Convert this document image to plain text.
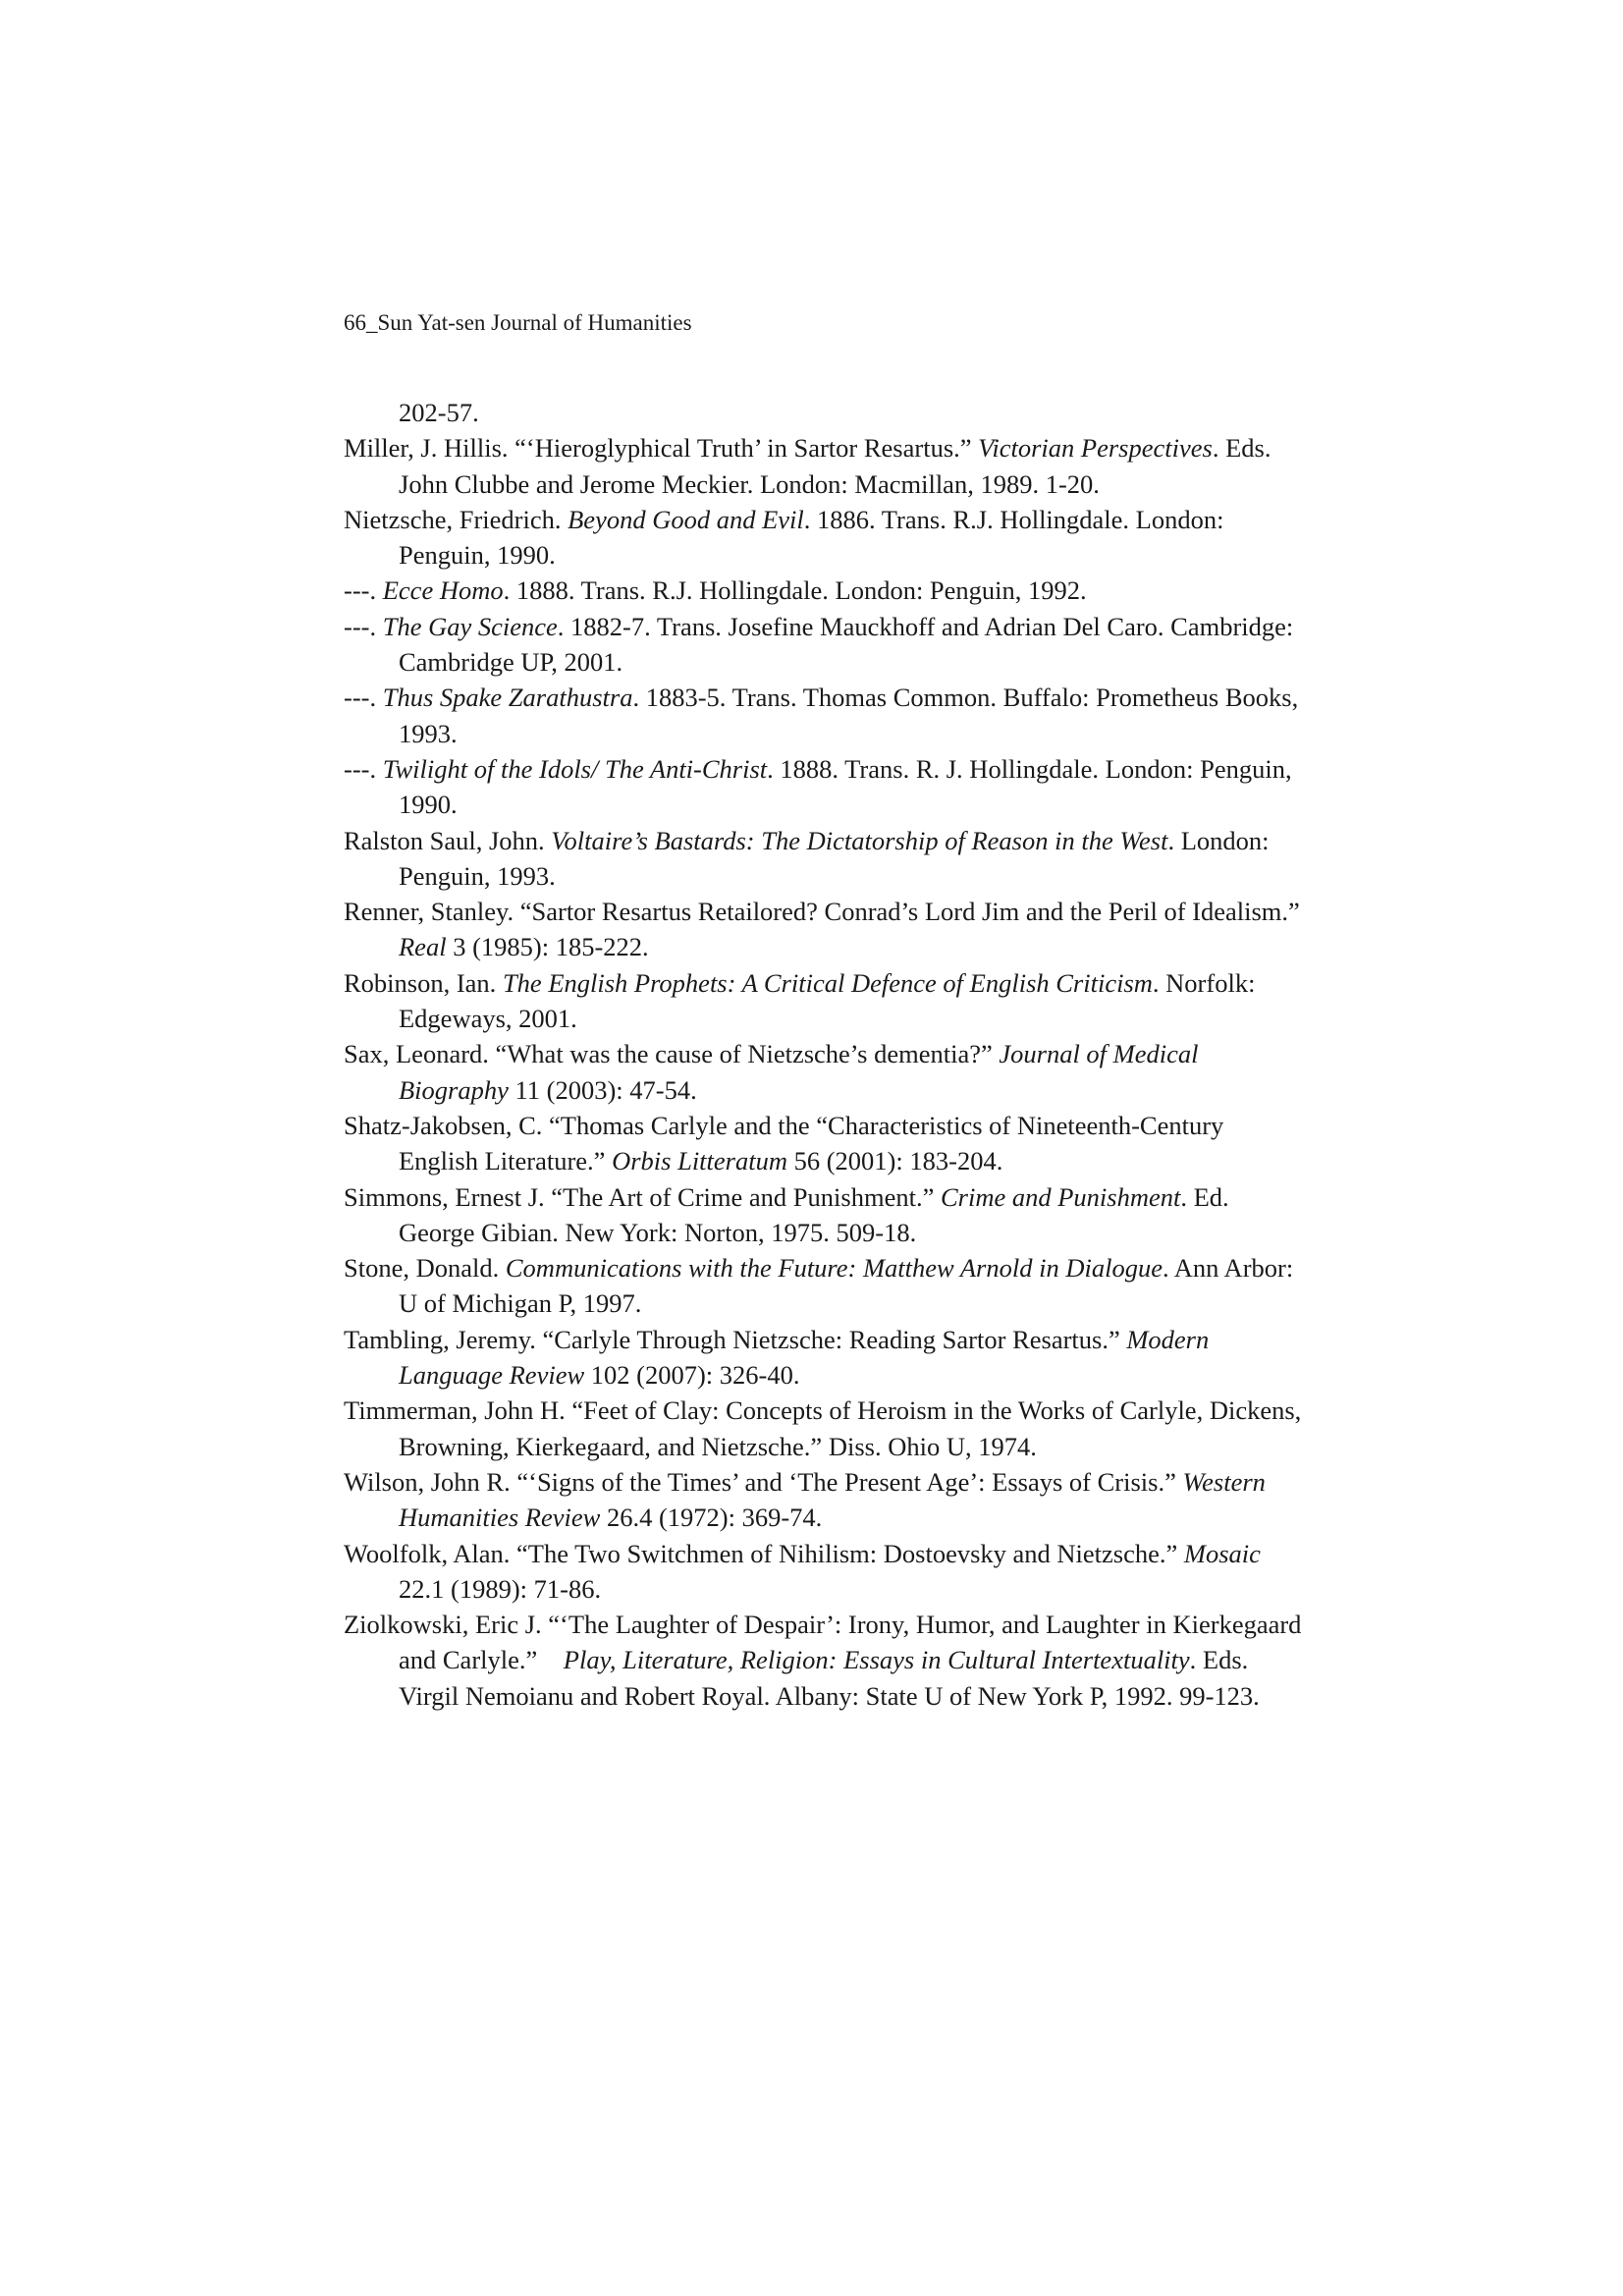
66_Sun Yat-sen Journal of Humanities

202-57.

Miller, J. Hillis. “‘Hieroglyphical Truth’ in Sartor Resartus.” Victorian Perspectives. Eds. John Clubbe and Jerome Meckier. London: Macmillan, 1989. 1-20.

Nietzsche, Friedrich. Beyond Good and Evil. 1886. Trans. R.J. Hollingdale. London: Penguin, 1990.

---. Ecce Homo. 1888. Trans. R.J. Hollingdale. London: Penguin, 1992.

---. The Gay Science. 1882-7. Trans. Josefine Mauckhoff and Adrian Del Caro. Cambridge: Cambridge UP, 2001.

---. Thus Spake Zarathustra. 1883-5. Trans. Thomas Common. Buffalo: Prometheus Books, 1993.

---. Twilight of the Idols/ The Anti-Christ. 1888. Trans. R. J. Hollingdale. London: Penguin, 1990.

Ralston Saul, John. Voltaire’s Bastards: The Dictatorship of Reason in the West. London: Penguin, 1993.

Renner, Stanley. “Sartor Resartus Retailored? Conrad’s Lord Jim and the Peril of Idealism.” Real 3 (1985): 185-222.

Robinson, Ian. The English Prophets: A Critical Defence of English Criticism. Norfolk: Edgeways, 2001.

Sax, Leonard. “What was the cause of Nietzsche’s dementia?” Journal of Medical Biography 11 (2003): 47-54.

Shatz-Jakobsen, C. “Thomas Carlyle and the “Characteristics of Nineteenth-Century English Literature.” Orbis Litteratum 56 (2001): 183-204.

Simmons, Ernest J. “The Art of Crime and Punishment.” Crime and Punishment. Ed. George Gibian. New York: Norton, 1975. 509-18.

Stone, Donald. Communications with the Future: Matthew Arnold in Dialogue. Ann Arbor: U of Michigan P, 1997.

Tambling, Jeremy. “Carlyle Through Nietzsche: Reading Sartor Resartus.” Modern Language Review 102 (2007): 326-40.

Timmerman, John H. “Feet of Clay: Concepts of Heroism in the Works of Carlyle, Dickens, Browning, Kierkegaard, and Nietzsche.” Diss. Ohio U, 1974.

Wilson, John R. “‘Signs of the Times’ and ‘The Present Age’: Essays of Crisis.” Western Humanities Review 26.4 (1972): 369-74.

Woolfolk, Alan. “The Two Switchmen of Nihilism: Dostoevsky and Nietzsche.” Mosaic 22.1 (1989): 71-86.

Ziolkowski, Eric J. “‘The Laughter of Despair’: Irony, Humor, and Laughter in Kierkegaard and Carlyle.”    Play, Literature, Religion: Essays in Cultural Intertextuality. Eds. Virgil Nemoianu and Robert Royal. Albany: State U of New York P, 1992. 99-123.
